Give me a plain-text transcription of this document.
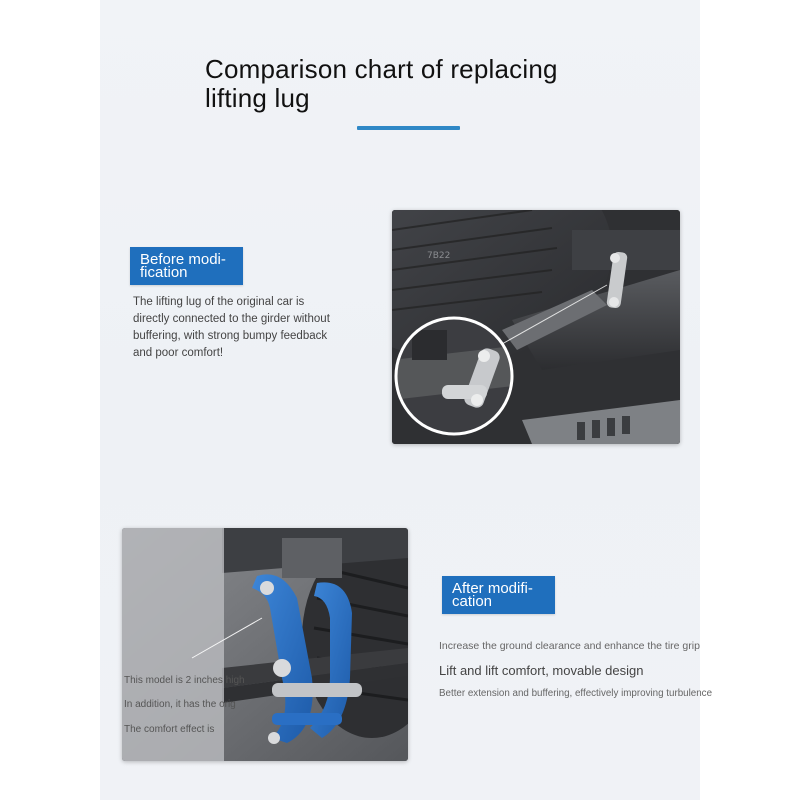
Comparison chart of replacing lifting lug
Before modi-
fication
The lifting lug of the original car is directly connected to the girder without buffering, with strong bumpy feedback and poor comfort!
7B22
After modifi-
cation
Increase the ground clearance and enhance the tire grip
Lift and lift comfort, movable design
Better extension and buffering, effectively improving turbulence
This model is 2 inches high
In addition, it has the orig
The comfort effect is
